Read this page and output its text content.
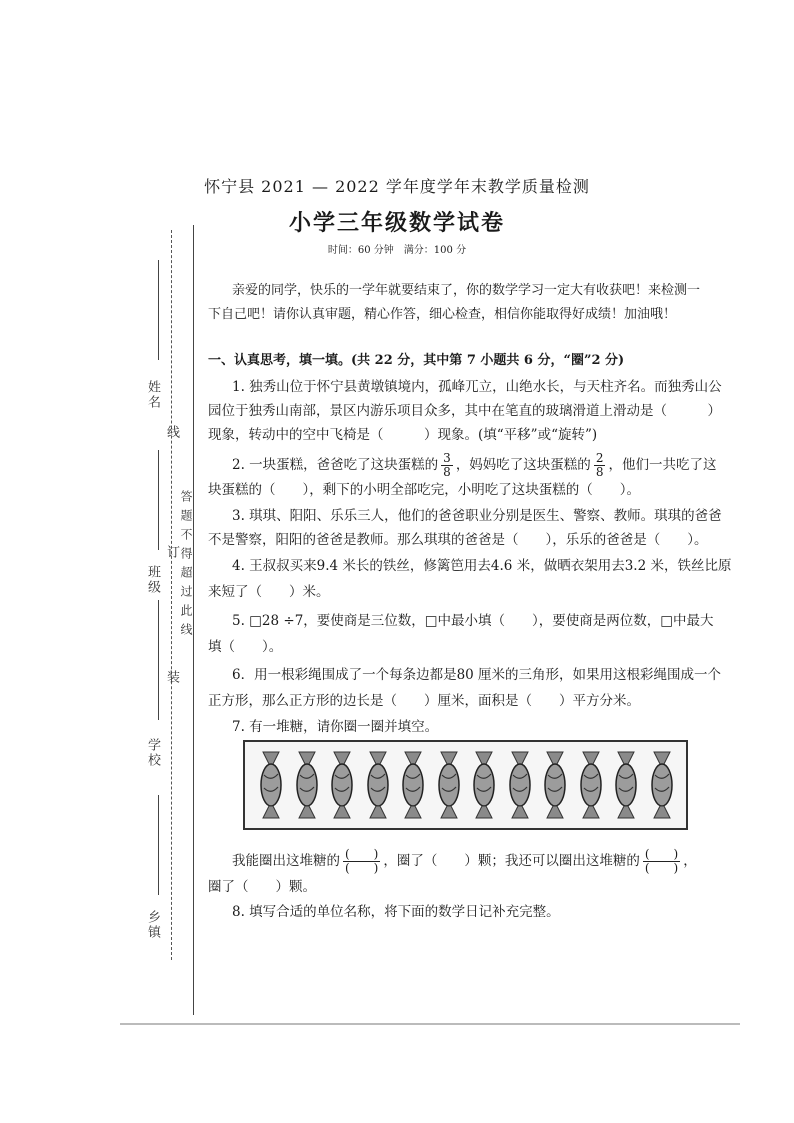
姓名
线
班级
订 答题不得超过此线
装
学校
乡镇
怀宁县 2021 — 2022 学年度学年末教学质量检测
小学三年级数学试卷
时间：60 分钟　满分：100 分
亲爱的同学，快乐的一学年就要结束了，你的数学学习一定大有收获吧！来检测一
下自己吧！请你认真审题，精心作答，细心检查，相信你能取得好成绩！加油哦！
一、认真思考，填一填。(共 22 分，其中第 7 小题共 6 分，“圈”2 分)
1. 独秀山位于怀宁县黄墩镇境内，孤峰兀立，山绝水长，与天柱齐名。而独秀山公
园位于独秀山南部，景区内游乐项目众多，其中在笔直的玻璃滑道上滑动是（　　　）
现象，转动中的空中飞椅是（　　　）现象。(填“平移”或“旋转”)
2. 一块蛋糕，爸爸吃了这块蛋糕的 $\frac{3}{8}$ ，妈妈吃了这块蛋糕的 $\frac{2}{8}$ ，他们一共吃了这
块蛋糕的（　　），剩下的小明全部吃完，小明吃了这块蛋糕的（　　）。
3. 琪琪、阳阳、乐乐三人，他们的爸爸职业分别是医生、警察、教师。琪琪的爸爸
不是警察，阳阳的爸爸是教师。那么琪琪的爸爸是（　　），乐乐的爸爸是（　　）。
4. 王叔叔买来9.4 米长的铁丝，修篱笆用去4.6 米，做晒衣架用去3.2 米，铁丝比原
来短了（　　）米。
5. □28 ÷7，要使商是三位数，□中最小填（　　），要使商是两位数，□中最大
填（　　）。
6．用一根彩绳围成了一个每条边都是80 厘米的三角形，如果用这根彩绳围成一个
正方形，那么正方形的边长是（　　）厘米，面积是（　　）平方分米。
7. 有一堆糖，请你圈一圈并填空。
我能圈出这堆糖的 $\frac{( )}{( )}$ ，圈了（　　）颗；我还可以圈出这堆糖的 $\frac{( )}{( )}$ ，
圈了（　　）颗。
8. 填写合适的单位名称，将下面的数学日记补充完整。
